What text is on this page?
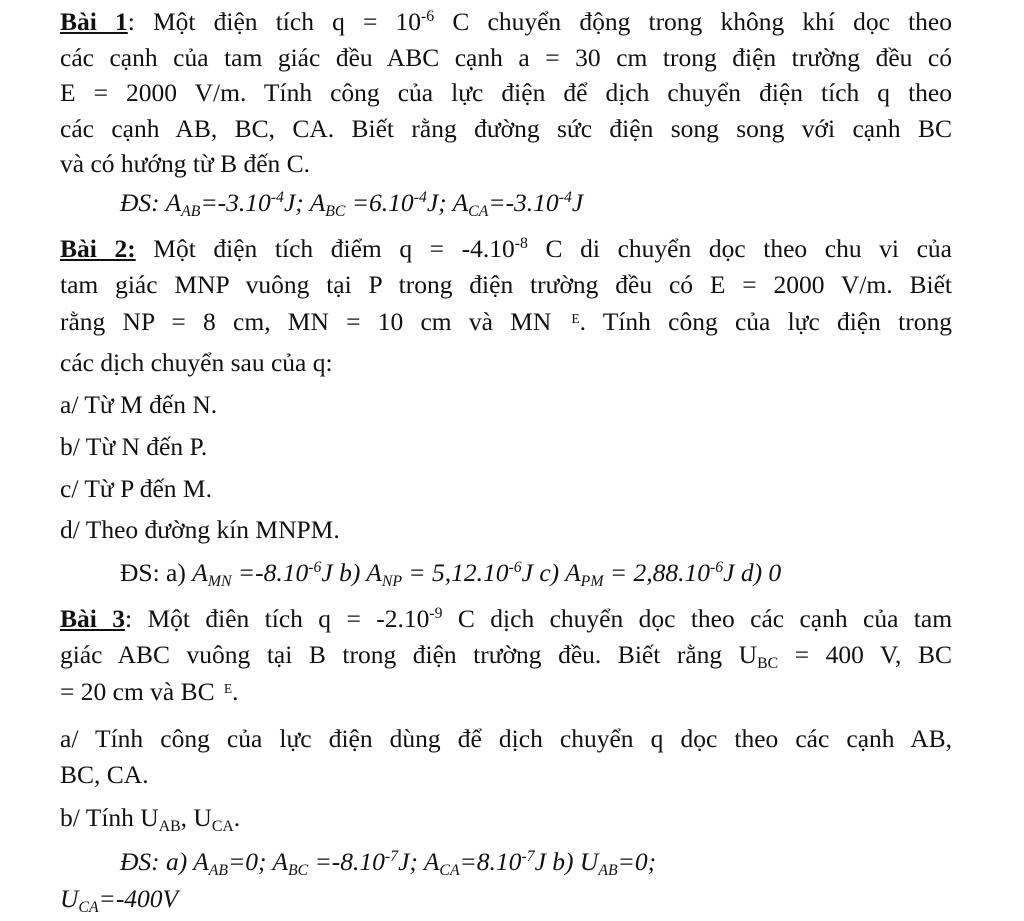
Bài 1: Một điện tích $q = 10^{-6}$ C chuyển động trong không khí dọc theo
các cạnh của tam giác đều ABC cạnh a = 30 cm trong điện trường đều có
E = 2000 V/m. Tính công của lực điện để dịch chuyển điện tích q theo
các cạnh AB, BC, CA. Biết rằng đường sức điện song song với cạnh BC
và có hướng từ B đến C.
ĐS: $A_{AB}=-3.10^{-4}J$; $A_{BC} =6.10^{-4}J$; $A_{CA}=-3.10^{-4}J$
Bài 2: Một điện tích điểm $q = -4.10^{-8}$ C di chuyển dọc theo chu vi của
tam giác MNP vuông tại P trong điện trường đều có E = 2000 V/m. Biết
rằng NP = 8 cm, MN = 10 cm và MN $^E$. Tính công của lực điện trong
các dịch chuyển sau của q:
a/ Từ M đến N.
b/ Từ N đến P.
c/ Từ P đến M.
d/ Theo đường kín MNPM.
ĐS: a) $A_{MN} =-8.10^{-6}J$ b) $A_{NP} = 5,12.10^{-6}J$ c) $A_{PM} = 2,88.10^{-6}J$ d) 0
Bài 3: Một điên tích $q = -2.10^{-9}$ C dịch chuyển dọc theo các cạnh của tam
giác ABC vuông tại B trong điện trường đều. Biết rằng $U_{BC} = 400$ V, BC
= 20 cm và BC $^E$.
a/ Tính công của lực điện dùng để dịch chuyển q dọc theo các cạnh AB,
BC, CA.
b/ Tính $U_{AB}$, $U_{CA}$.
ĐS: a) $A_{AB}=0$; $A_{BC} =-8.10^{-7}J$; $A_{CA}=8.10^{-7}J$ b) $U_{AB}=0$;
$U_{CA}=-400V$
